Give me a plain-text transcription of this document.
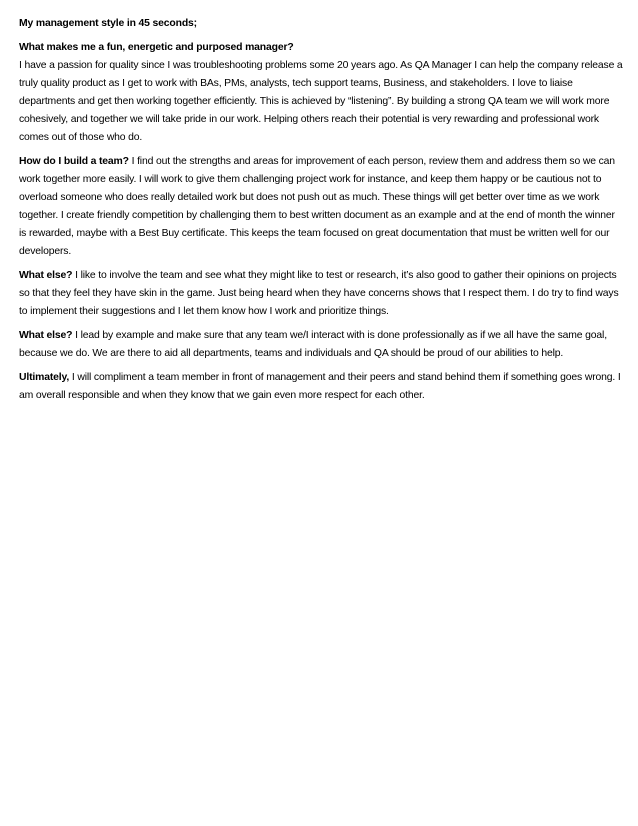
My management style in 45 seconds;

What makes me a fun, energetic and purposed manager?
I have a passion for quality since I was troubleshooting problems some 20 years ago. As QA Manager I can help the company release a truly quality product as I get to work with BAs, PMs, analysts, tech support teams, Business, and stakeholders. I love to liaise departments and get then working together efficiently. This is achieved by “listening”. By building a strong QA team we will work more cohesively, and together we will take pride in our work. Helping others reach their potential is very rewarding and professional work comes out of those who do.

How do I build a team? I find out the strengths and areas for improvement of each person, review them and address them so we can work together more easily. I will work to give them challenging project work for instance, and keep them happy or be cautious not to overload someone who does really detailed work but does not push out as much. These things will get better over time as we work together. I create friendly competition by challenging them to best written document as an example and at the end of month the winner is rewarded, maybe with a Best Buy certificate. This keeps the team focused on great documentation that must be written well for our developers.

What else? I like to involve the team and see what they might like to test or research, it’s also good to gather their opinions on projects so that they feel they have skin in the game. Just being heard when they have concerns shows that I respect them. I do try to find ways to implement their suggestions and I let them know how I work and prioritize things.

What else? I lead by example and make sure that any team we/I interact with is done professionally as if we all have the same goal, because we do. We are there to aid all departments, teams and individuals and QA should be proud of our abilities to help.

Ultimately, I will compliment a team member in front of management and their peers and stand behind them if something goes wrong. I am overall responsible and when they know that we gain even more respect for each other.
